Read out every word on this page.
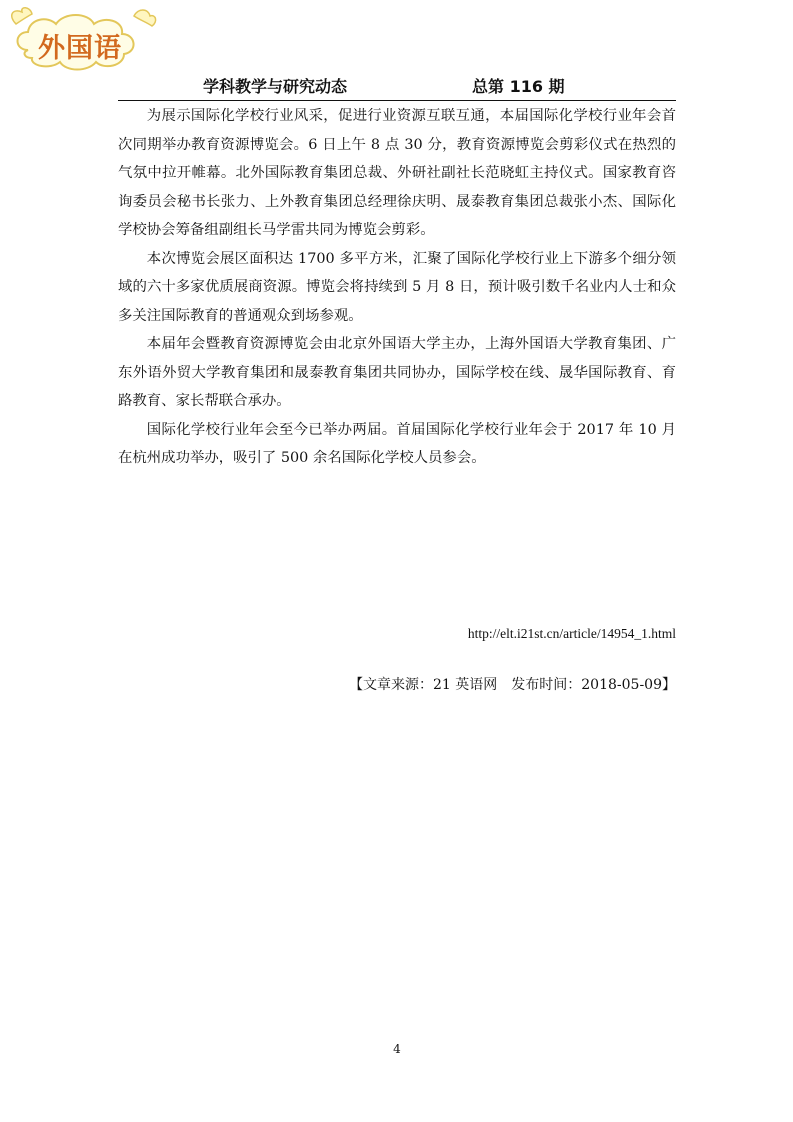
外国语
学科教学与研究动态	总第 116 期

为展示国际化学校行业风采，促进行业资源互联互通，本届国际化学校行业年会首次同期举办教育资源博览会。6 日上午 8 点 30 分，教育资源博览会剪彩仪式在热烈的气氛中拉开帷幕。北外国际教育集团总裁、外研社副社长范晓虹主持仪式。国家教育咨询委员会秘书长张力、上外教育集团总经理徐庆明、晟泰教育集团总裁张小杰、国际化学校协会筹备组副组长马学雷共同为博览会剪彩。

本次博览会展区面积达 1700 多平方米，汇聚了国际化学校行业上下游多个细分领域的六十多家优质展商资源。博览会将持续到 5 月 8 日，预计吸引数千名业内人士和众多关注国际教育的普通观众到场参观。

本届年会暨教育资源博览会由北京外国语大学主办，上海外国语大学教育集团、广东外语外贸大学教育集团和晟泰教育集团共同协办，国际学校在线、晟华国际教育、育路教育、家长帮联合承办。

国际化学校行业年会至今已举办两届。首届国际化学校行业年会于 2017 年 10 月在杭州成功举办，吸引了 500 余名国际化学校人员参会。

http://elt.i21st.cn/article/14954_1.html
【文章来源：21 英语网　发布时间：2018-05-09】
4
